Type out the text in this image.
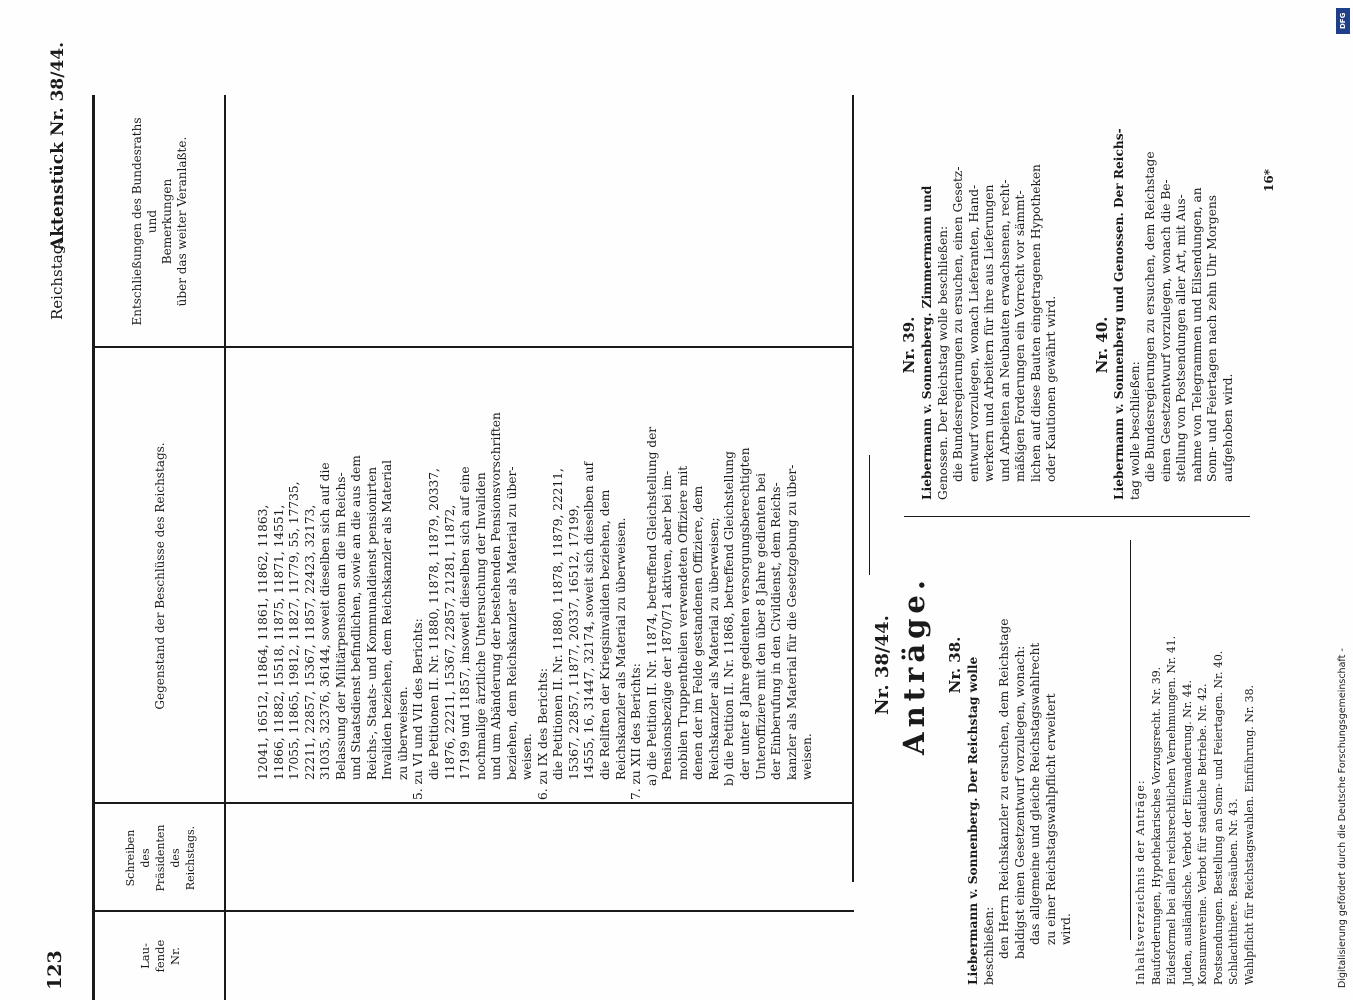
Reichstag.
Aktenstück Nr. 38/44.
123	Lau-
fende
Nr.
Schreiben
des
Präsidenten
des
Reichstags.
Gegenstand der Beschlüsse des Reichstags.
Entschließungen des Bundesraths
und
Bemerkungen
über das weiter Veranlaßte.
12041, 16512, 11864, 11861, 11862, 11863, 11866, 11882, 15518, 11875, 11871, 14551, 17055, 11865, 19812, 11827, 11779, 55, 17735, 22211, 22857, 15367, 11857, 22423, 32173, 31035, 32376, 36144, soweit dieselben sich auf die Belassung der Militärpensionen an die im Reichs- und Staatsdienst befindlichen, sowie an die aus dem Reichs-, Staats- und Kommunaldienst pensionirten Invaliden beziehen, dem Reichskanzler als Material zu überweisen. 5. zu VI und VII des Berichts: die Petitionen II. Nr. 11880, 11878, 11879, 20337, 11876, 22211, 15367, 22857, 21281, 11872, 17199 und 11857, insoweit dieselben sich auf eine nochmalige ärztliche Untersuchung der Invaliden und um Abänderung der bestehenden Pensionsvorschriften beziehen, dem Reichskanzler als Material zu über- weisen. 6. zu IX des Berichts: die Petitionen II. Nr. 11880, 11878, 11879, 22211, 15367, 22857, 11877, 20337, 16512, 17199, 14555, 16, 31447, 32174, soweit sich dieselben auf die Reliften der Kriegsinvaliden beziehen, dem Reichskanzler als Material zu überweisen. 7. zu XII des Berichts: a) die Petition II. Nr. 11874, betreffend Gleichstellung der Pensionsbezüge der 1870/71 aktiven, aber bei im- mobilen Truppentheilen verwendeten Offiziere mit denen der im Felde gestandenen Offiziere, dem Reichskanzler als Material zu überweisen; b) die Petition II. Nr. 11868, betreffend Gleichstellung der unter 8 Jahre gedienten versorgungsberechtigten Unteroffiziere mit den über 8 Jahre gedienten bei der Einberufung in den Civildienst, dem Reichs- kanzler als Material für die Gesetzgebung zu über- weisen.
Nr. 38/44. Anträge. Nr. 38. Liebermann v. Sonnenberg. Der Reichstag wolle beschließen: den Herrn Reichskanzler zu ersuchen, dem Reichstage baldigst einen Gesetzentwurf vorzulegen, wonach: das allgemeine und gleiche Reichstagswahlrecht zu einer Reichstagswahlpflicht erweitert wird.	Inhaltsverzeichnis der Anträge: Bauforderungen, Hypothekarisches Vorzugsrecht. Nr. 39. Eidesformel bei allen reichsrechtlichen Vernehmungen. Nr. 41. Juden, ausländische. Verbot der Einwanderung. Nr. 44. Konsumvereine. Verbot für staatliche Betriebe. Nr. 42. Postsendungen. Bestellung an Sonn- und Feiertagen. Nr. 40. Schlachtthiere. Besäuben. Nr. 43. Wahlpflicht für Reichstagswahlen. Einführung. Nr. 38.
Nr. 39. Liebermann v. Sonnenberg. Zimmermann und Genossen. Der Reichstag wolle beschließen: die Bundesregierungen zu ersuchen, einen Gesetz- entwurf vorzulegen, wonach Lieferanten, Hand- werkern und Arbeitern für ihre aus Lieferungen und Arbeiten an Neubauten erwachsenen, recht- mäßigen Forderungen ein Vorrecht vor sämmt- lichen auf diese Bauten eingetragenen Hypotheken oder Kautionen gewährt wird. Nr. 40. Liebermann v. Sonnenberg und Genossen. Der Reichs- tag wolle beschließen: die Bundesregierungen zu ersuchen, dem Reichstage einen Gesetzentwurf vorzulegen, wonach die Be- stellung von Postsendungen aller Art, mit Aus- nahme von Telegrammen und Eilsendungen, an Sonn- und Feiertagen nach zehn Uhr Morgens aufgehoben wird.
16*
DFG
Digitalisierung gefördert durch die Deutsche Forschungsgemeinschaft -
